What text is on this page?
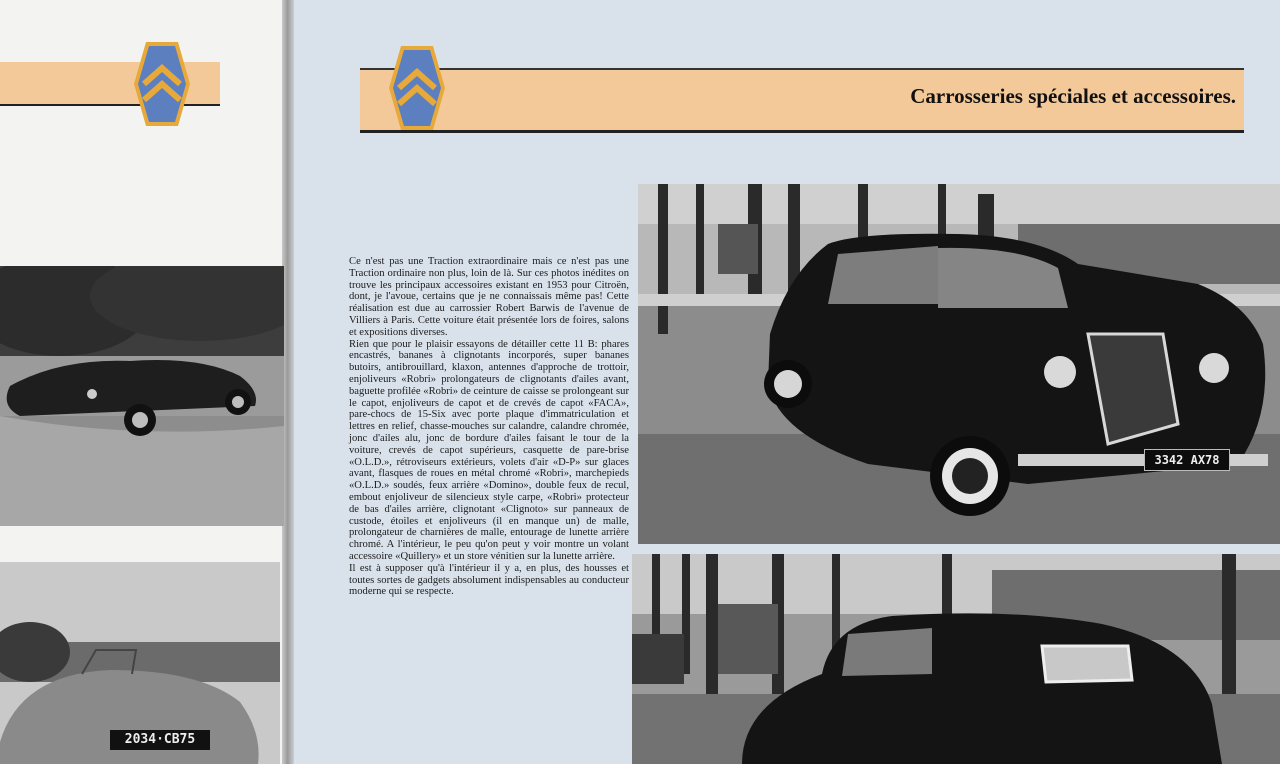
2034·CB75
Carrosseries spéciales et accessoires.

Ce n'est pas une Traction extraordinaire mais ce n'est pas une Traction ordinaire non plus, loin de là. Sur ces photos inédites on trouve les principaux accessoires existant en 1953 pour Citroën, dont, je l'avoue, certains que je ne connaissais même pas! Cette réalisation est due au carrossier Robert Barwis de l'avenue de Villiers à Paris. Cette voiture était présentée lors de foires, salons et expositions diverses.

Rien que pour le plaisir essayons de détailler cette 11 B: phares encastrés, bananes à clignotants incorporés, super bananes butoirs, antibrouillard, klaxon, antennes d'approche de trottoir, enjoliveurs «Robri» prolongateurs de clignotants d'ailes avant, baguette profilée «Robri» de ceinture de caisse se prolongeant sur le capot, enjoliveurs de capot et de crevés de capot «FACA», pare-chocs de 15-Six avec porte plaque d'immatriculation et lettres en relief, chasse-mouches sur calandre, calandre chromée, jonc d'ailes alu, jonc de bordure d'ailes faisant le tour de la voiture, crevés de capot supérieurs, casquette de pare-brise «O.L.D.», rétroviseurs extérieurs, volets d'air «D-P» sur glaces avant, flasques de roues en métal chromé «Robri», marchepieds «O.L.D.» soudés, feux arrière «Domino», double feux de recul, embout enjoliveur de silencieux style carpe, «Robri» protecteur de bas d'ailes arrière, clignotant «Clignoto» sur panneaux de custode, étoiles et enjoliveurs (il en manque un) de malle, prolongateur de charnières de malle, entourage de lunette arrière chromé. A l'intérieur, le peu qu'on peut y voir montre un volant accessoire «Quillery» et un store vénitien sur la lunette arrière.

Il est à supposer qu'à l'intérieur il y a, en plus, des housses et toutes sortes de gadgets absolument indispensables au conducteur moderne qui se respecte.

3342 AX78
